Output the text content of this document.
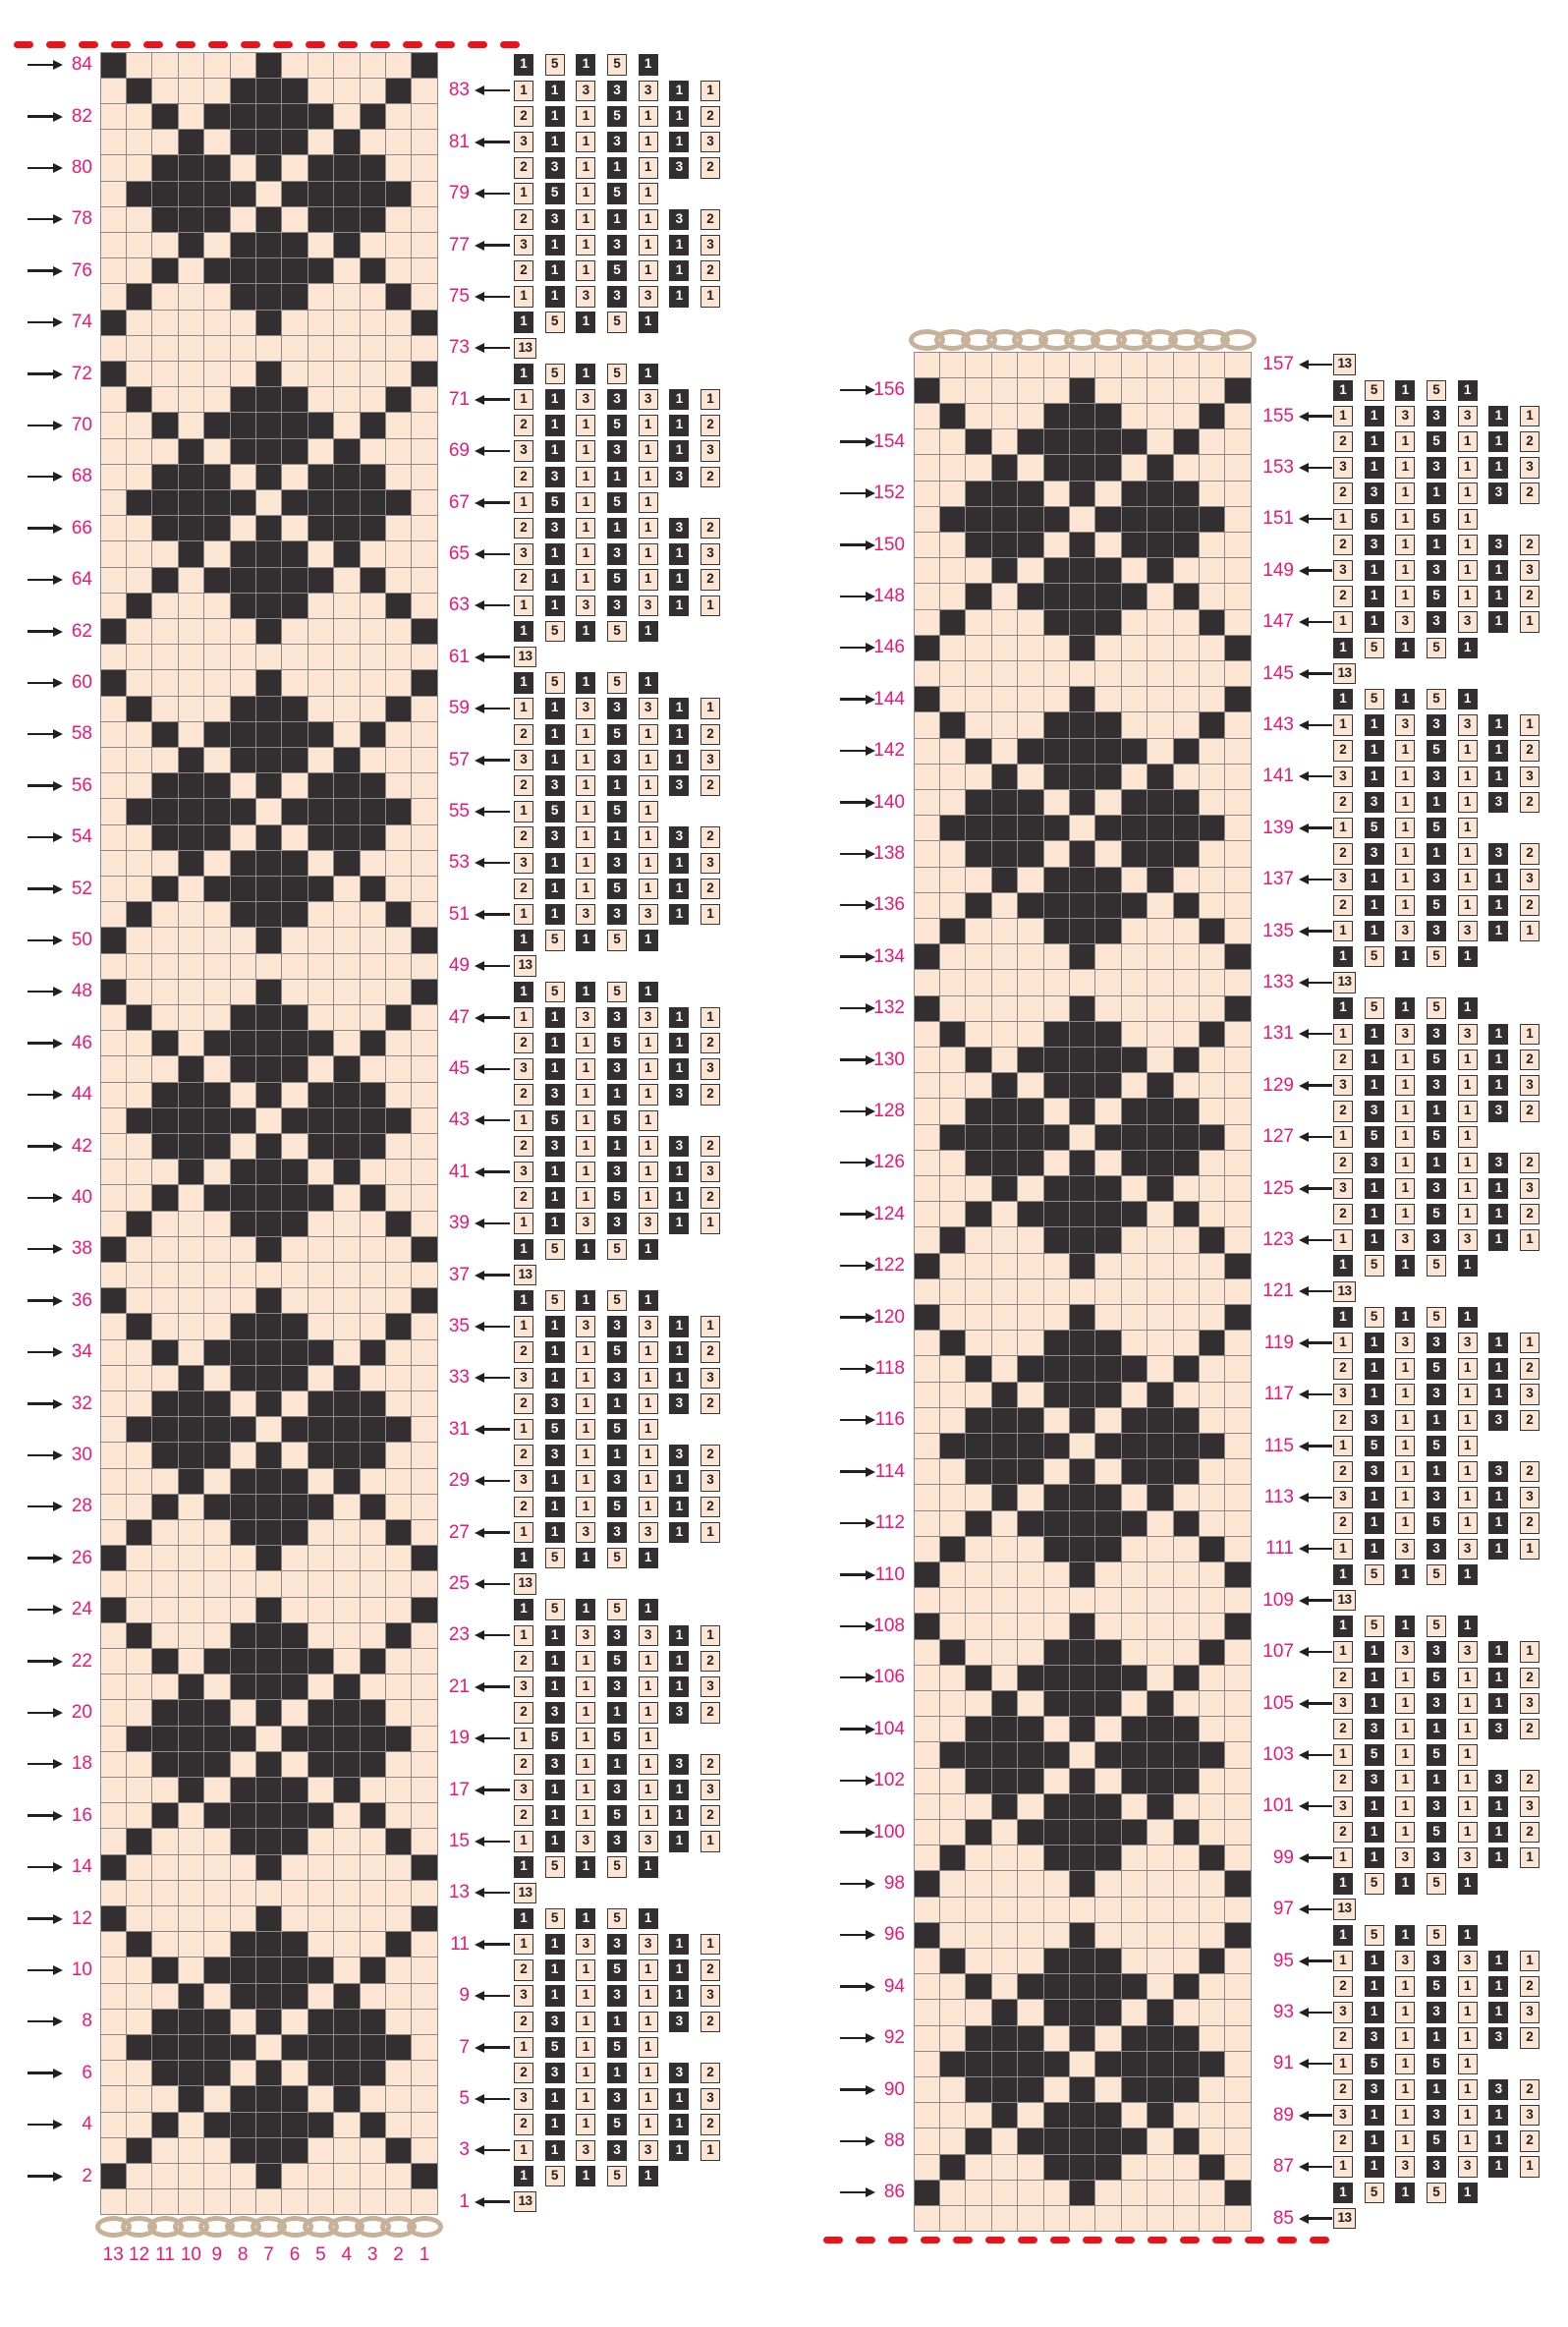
84	1	5	1	5	1
83	1	1	3	3	3	1	1
82	2	1	1	5	1	1	2
81	3	1	1	3	1	1	3
80	2	3	1	1	1	3	2
79	1	5	1	5	1
78	2	3	1	1	1	3	2
77	3	1	1	3	1	1	3
76	2	1	1	5	1	1	2
75	1	1	3	3	3	1	1
74	1	5	1	5	1
73	13
72	1	5	1	5	1
71	1	1	3	3	3	1	1
70	2	1	1	5	1	1	2
69	3	1	1	3	1	1	3
68	2	3	1	1	1	3	2
67	1	5	1	5	1
66	2	3	1	1	1	3	2
65	3	1	1	3	1	1	3
64	2	1	1	5	1	1	2
63	1	1	3	3	3	1	1
62	1	5	1	5	1
61	13
60	1	5	1	5	1
59	1	1	3	3	3	1	1
58	2	1	1	5	1	1	2
57	3	1	1	3	1	1	3
56	2	3	1	1	1	3	2
55	1	5	1	5	1
54	2	3	1	1	1	3	2
53	3	1	1	3	1	1	3
52	2	1	1	5	1	1	2
51	1	1	3	3	3	1	1
50	1	5	1	5	1
49	13
48	1	5	1	5	1
47	1	1	3	3	3	1	1
46	2	1	1	5	1	1	2
45	3	1	1	3	1	1	3
44	2	3	1	1	1	3	2
43	1	5	1	5	1
42	2	3	1	1	1	3	2
41	3	1	1	3	1	1	3
40	2	1	1	5	1	1	2
39	1	1	3	3	3	1	1
38	1	5	1	5	1
37	13
36	1	5	1	5	1
35	1	1	3	3	3	1	1
34	2	1	1	5	1	1	2
33	3	1	1	3	1	1	3
32	2	3	1	1	1	3	2
31	1	5	1	5	1
30	2	3	1	1	1	3	2
29	3	1	1	3	1	1	3
28	2	1	1	5	1	1	2
27	1	1	3	3	3	1	1
26	1	5	1	5	1
25	13
24	1	5	1	5	1
23	1	1	3	3	3	1	1
22	2	1	1	5	1	1	2
21	3	1	1	3	1	1	3
20	2	3	1	1	1	3	2
19	1	5	1	5	1
18	2	3	1	1	1	3	2
17	3	1	1	3	1	1	3
16	2	1	1	5	1	1	2
15	1	1	3	3	3	1	1
14	1	5	1	5	1
13	13
12	1	5	1	5	1
11	1	1	3	3	3	1	1
10	2	1	1	5	1	1	2
9	3	1	1	3	1	1	3
8	2	3	1	1	1	3	2
7	1	5	1	5	1
6	2	3	1	1	1	3	2
5	3	1	1	3	1	1	3
4	2	1	1	5	1	1	2
3	1	1	3	3	3	1	1
2	1	5	1	5	1
1	13
13 12 11 10 9 8 7 6 5 4 3 2 1
157	13
156	1	5	1	5	1
155	1	1	3	3	3	1	1
154	2	1	1	5	1	1	2
153	3	1	1	3	1	1	3
152	2	3	1	1	1	3	2
151	1	5	1	5	1
150	2	3	1	1	1	3	2
149	3	1	1	3	1	1	3
148	2	1	1	5	1	1	2
147	1	1	3	3	3	1	1
146	1	5	1	5	1
145	13
144	1	5	1	5	1
143	1	1	3	3	3	1	1
142	2	1	1	5	1	1	2
141	3	1	1	3	1	1	3
140	2	3	1	1	1	3	2
139	1	5	1	5	1
138	2	3	1	1	1	3	2
137	3	1	1	3	1	1	3
136	2	1	1	5	1	1	2
135	1	1	3	3	3	1	1
134	1	5	1	5	1
133	13
132	1	5	1	5	1
131	1	1	3	3	3	1	1
130	2	1	1	5	1	1	2
129	3	1	1	3	1	1	3
128	2	3	1	1	1	3	2
127	1	5	1	5	1
126	2	3	1	1	1	3	2
125	3	1	1	3	1	1	3
124	2	1	1	5	1	1	2
123	1	1	3	3	3	1	1
122	1	5	1	5	1
121	13
120	1	5	1	5	1
119	1	1	3	3	3	1	1
118	2	1	1	5	1	1	2
117	3	1	1	3	1	1	3
116	2	3	1	1	1	3	2
115	1	5	1	5	1
114	2	3	1	1	1	3	2
113	3	1	1	3	1	1	3
112	2	1	1	5	1	1	2
111	1	1	3	3	3	1	1
110	1	5	1	5	1
109	13
108	1	5	1	5	1
107	1	1	3	3	3	1	1
106	2	1	1	5	1	1	2
105	3	1	1	3	1	1	3
104	2	3	1	1	1	3	2
103	1	5	1	5	1
102	2	3	1	1	1	3	2
101	3	1	1	3	1	1	3
100	2	1	1	5	1	1	2
99	1	1	3	3	3	1	1
98	1	5	1	5	1
97	13
96	1	5	1	5	1
95	1	1	3	3	3	1	1
94	2	1	1	5	1	1	2
93	3	1	1	3	1	1	3
92	2	3	1	1	1	3	2
91	1	5	1	5	1
90	2	3	1	1	1	3	2
89	3	1	1	3	1	1	3
88	2	1	1	5	1	1	2
87	1	1	3	3	3	1	1
86	1	5	1	5	1
85	13
